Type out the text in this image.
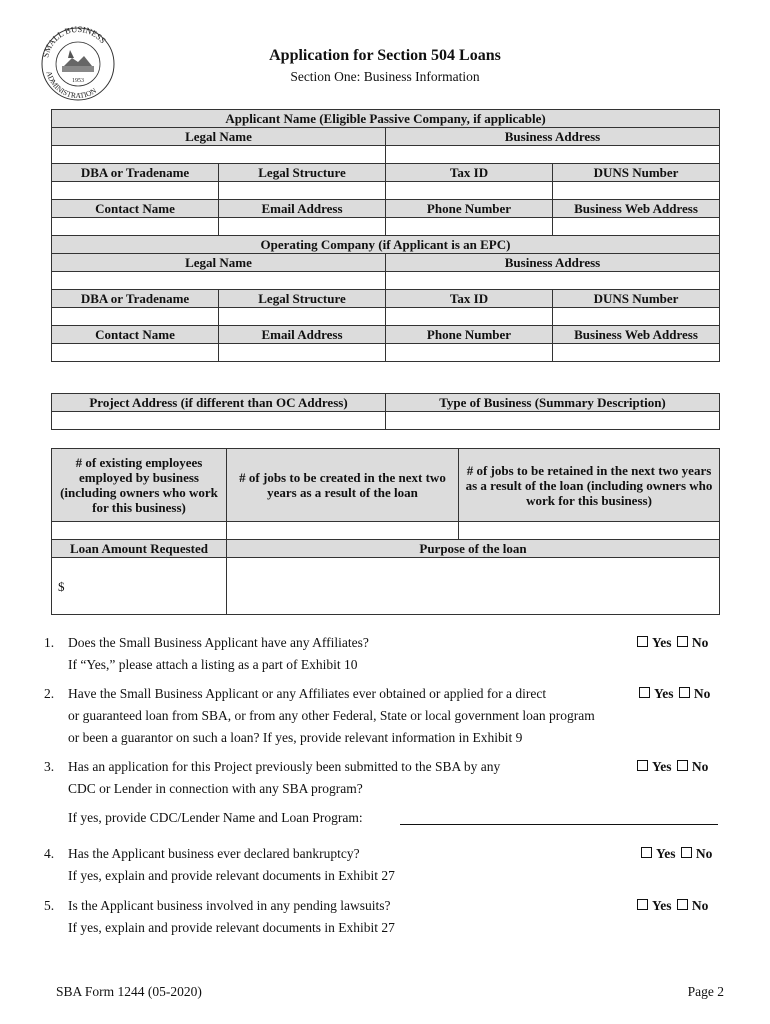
SMALL BUSINESS
ADMINISTRATION
1953
Application for Section 504 Loans
Section One: Business Information
Applicant Name (Eligible Passive Company, if applicable)			
Legal Name		Business Address	

DBA or Tradename	Legal Structure	Tax ID	DUNS Number

Contact Name	Email Address	Phone Number	Business Web Address

Operating Company (if Applicant is an EPC)			
Legal Name		Business Address	

DBA or Tradename	Legal Structure	Tax ID	DUNS Number

Contact Name	Email Address	Phone Number	Business Web Address

Project Address (if different than OC Address)	Type of Business (Summary Description)

# of existing employees employed by business (including owners who work for this business)	# of jobs to be created in the next two years as a result of the loan	# of jobs to be retained in the next two years as a result of the loan (including owners who work for this business)

Loan Amount Requested	Purpose of the loan	
$		
1. Does the Small Business Applicant have any Affiliates?
If “Yes,” please attach a listing as a part of Exhibit 10
Yes No
2. Have the Small Business Applicant or any Affiliates ever obtained or applied for a direct
or guaranteed loan from SBA, or from any other Federal, State or local government loan program
or been a guarantor on such a loan? If yes, provide relevant information in Exhibit 9
Yes No
3. Has an application for this Project previously been submitted to the SBA by any
CDC or Lender in connection with any SBA program?
If yes, provide CDC/Lender Name and Loan Program:
Yes No
4. Has the Applicant business ever declared bankruptcy?
If yes, explain and provide relevant documents in Exhibit 27
Yes No
5. Is the Applicant business involved in any pending lawsuits?
If yes, explain and provide relevant documents in Exhibit 27
Yes No
SBA Form 1244 (05-2020)	Page 2
